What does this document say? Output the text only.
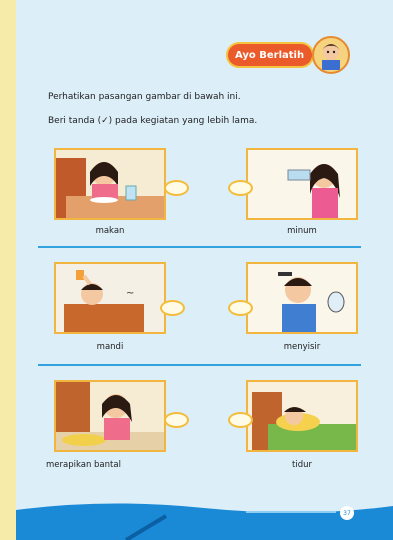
Ayo Berlatih
Perhatikan pasangan gambar di bawah ini.
Beri tanda (✓) pada kegiatan yang lebih lama.
makan	minum
~
mandi	menyisir
merapikan bantal	tidur
37
